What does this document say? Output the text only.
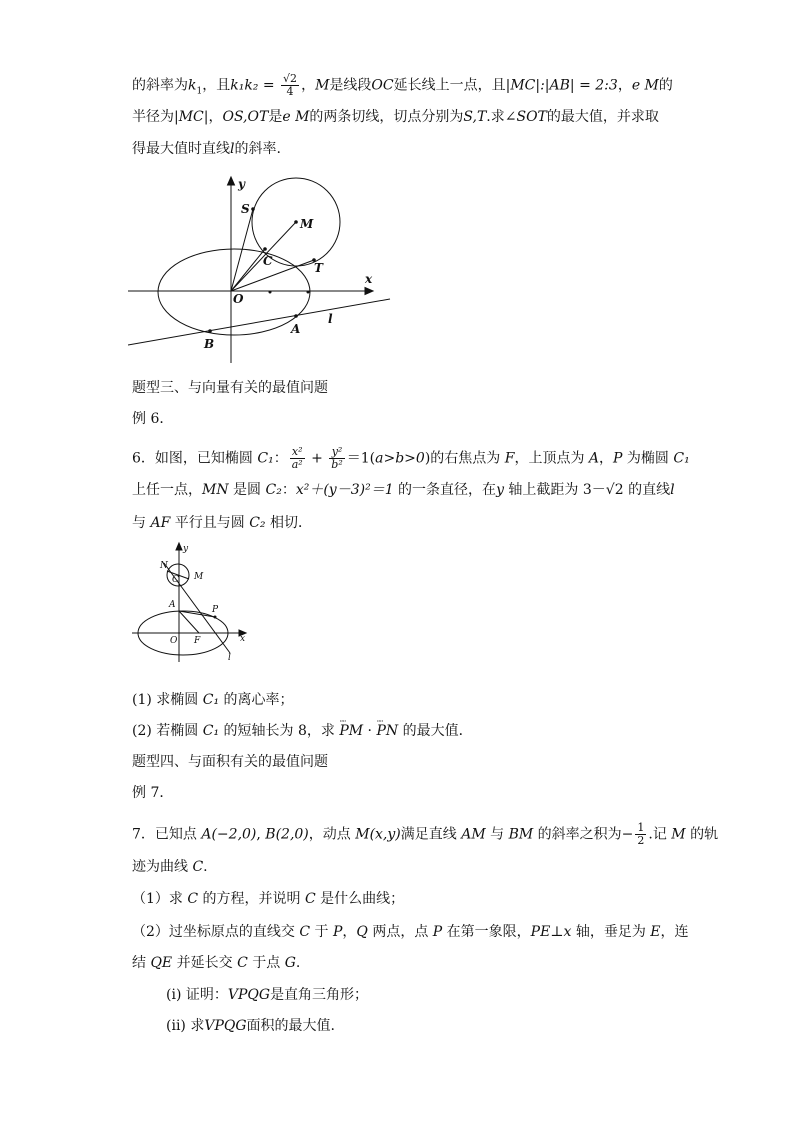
的斜率为$k_1$，且$k_1k_2 = \frac{√2}{4}$ ，M是线段OC延长线上一点，且|MC|:|AB| = 2:3，e M的
半径为|MC|，OS,OT是e M的两条切线，切点分别为S,T.求∠SOT的最大值，并求取
得最大值时直线l的斜率.
y
x
S
M
C	T
O
A
B
l
题型三、与向量有关的最值问题
例 6．
6．如图，已知椭圆 C₁： $\frac{\text{x²}}{\text{a²}} + \frac{\text{y²}}{\text{b²}} =1(a>b>0)$的右焦点为 F，上顶点为 A，P 为椭圆 C₁
上任一点，MN 是圆 C₂：x²＋(y－3)²＝1 的一条直径，在y 轴上截距为 3－√2 的直线l
与 AF 平行且与圆 C₂ 相切．
y
N
C M
A	P
O F	x
l
(1) 求椭圆 C₁ 的离心率；
(2) 若椭圆 C₁ 的短轴长为 8，求 ···· PM · ···· PN 的最大值．
题型四、与面积有关的最值问题
例 7．
7．已知点 A(−2,0), B(2,0)，动点 M(x,y)满足直线 AM 与 BM 的斜率之积为− $\frac{1}{2}$ .记 M 的轨
迹为曲线 C.
（1）求 C 的方程，并说明 C 是什么曲线；
（2）过坐标原点的直线交 C 于 P，Q 两点，点 P 在第一象限，PE⊥x 轴，垂足为 E，连
结 QE 并延长交 C 于点 G.
(i) 证明：VPQG是直角三角形；
(ii) 求VPQG面积的最大值.
